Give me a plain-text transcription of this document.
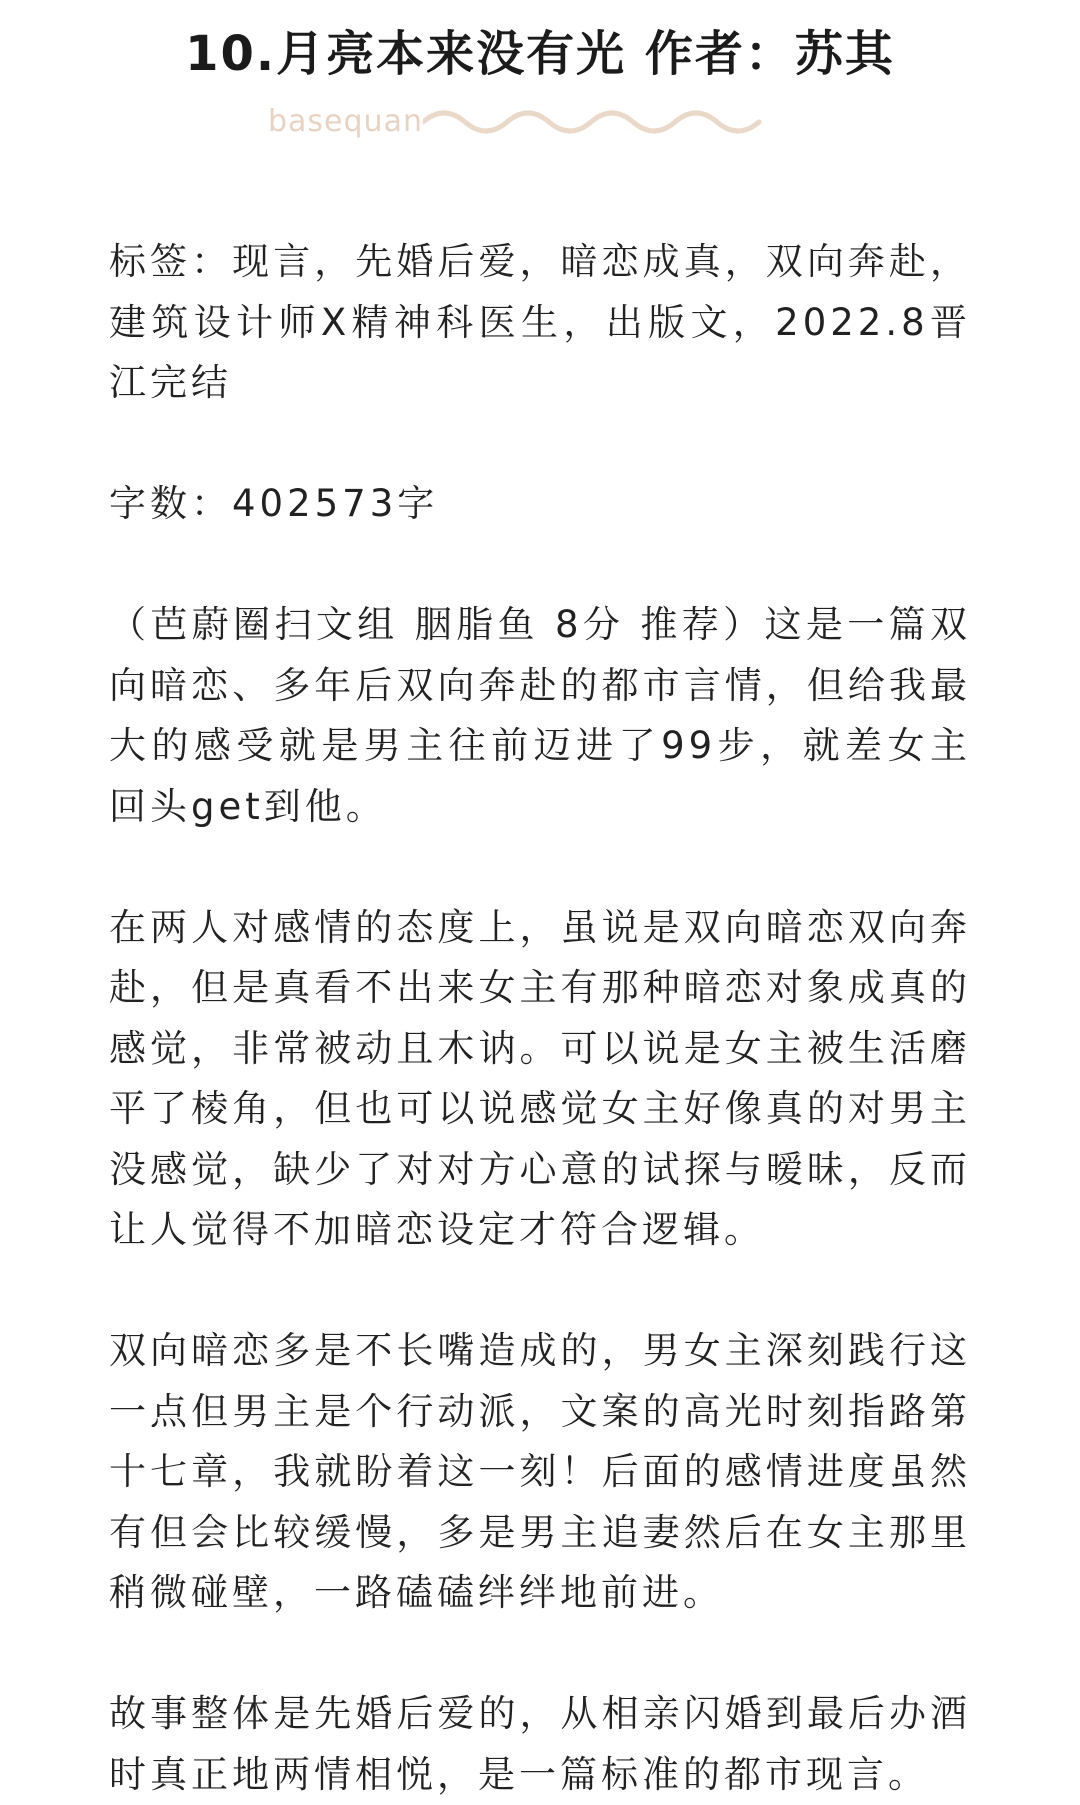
10.月亮本来没有光 作者：苏其
basequan

标签：现言，先婚后爱，暗恋成真，双向奔赴，建筑设计师X精神科医生，出版文，2022.8晋江完结

字数：402573字

（芭蔚圈扫文组 胭脂鱼 8分 推荐）这是一篇双向暗恋、多年后双向奔赴的都市言情，但给我最大的感受就是男主往前迈进了99步，就差女主回头get到他。

在两人对感情的态度上，虽说是双向暗恋双向奔赴，但是真看不出来女主有那种暗恋对象成真的感觉，非常被动且木讷。可以说是女主被生活磨平了棱角，但也可以说感觉女主好像真的对男主没感觉，缺少了对对方心意的试探与暧昧，反而让人觉得不加暗恋设定才符合逻辑。

双向暗恋多是不长嘴造成的，男女主深刻践行这一点但男主是个行动派，文案的高光时刻指路第十七章，我就盼着这一刻！后面的感情进度虽然有但会比较缓慢，多是男主追妻然后在女主那里稍微碰壁，一路磕磕绊绊地前进。

故事整体是先婚后爱的，从相亲闪婚到最后办酒时真正地两情相悦，是一篇标准的都市现言。
